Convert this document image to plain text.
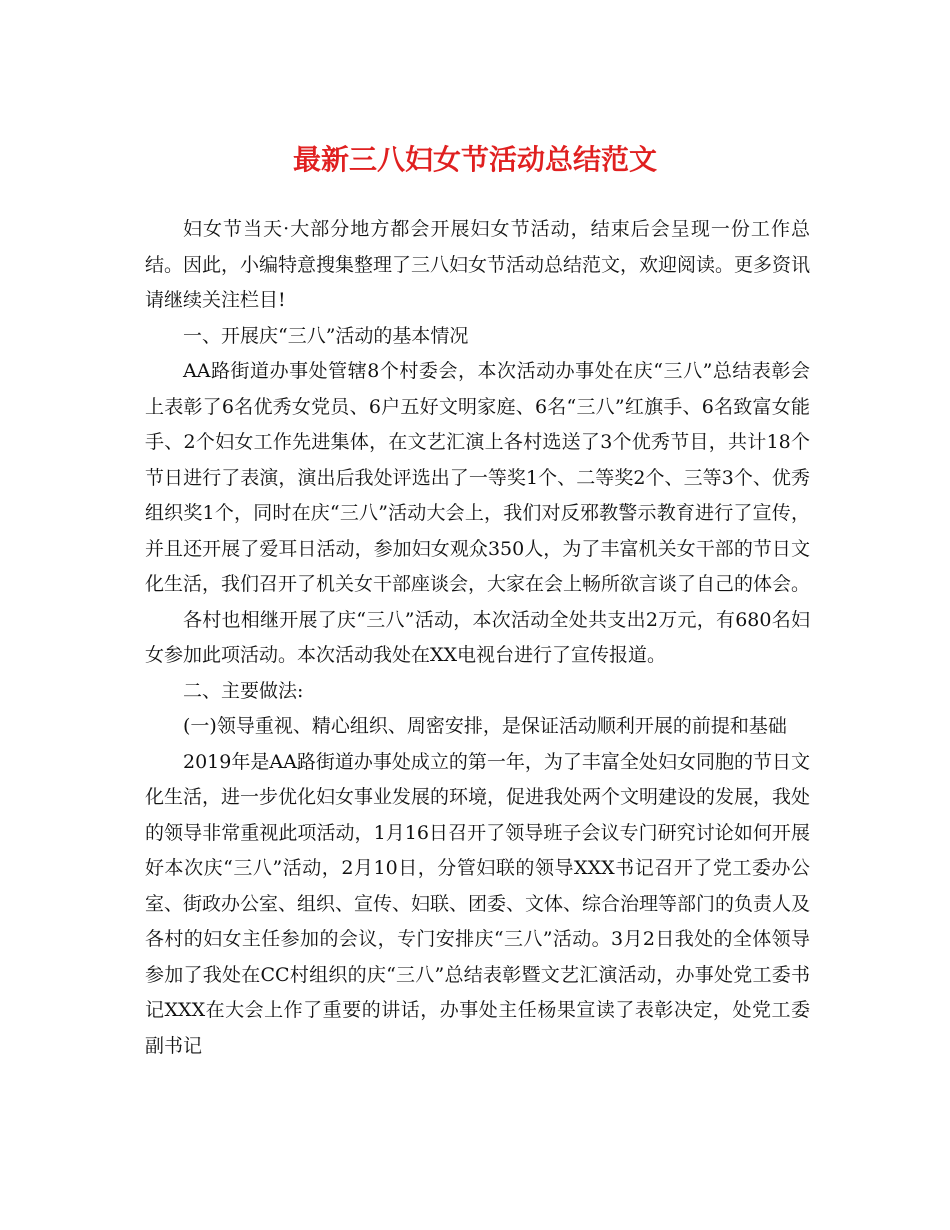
最新三八妇女节活动总结范文

妇女节当天·大部分地方都会开展妇女节活动，结束后会呈现一份工作总结。因此，小编特意搜集整理了三八妇女节活动总结范文，欢迎阅读。更多资讯请继续关注栏目!

一、开展庆“三八”活动的基本情况

AA路街道办事处管辖8个村委会，本次活动办事处在庆“三八”总结表彰会上表彰了6名优秀女党员、6户五好文明家庭、6名“三八”红旗手、6名致富女能手、2个妇女工作先进集体，在文艺汇演上各村选送了3个优秀节目，共计18个节日进行了表演，演出后我处评选出了一等奖1个、二等奖2个、三等3个、优秀组织奖1个，同时在庆“三八”活动大会上，我们对反邪教警示教育进行了宣传，并且还开展了爱耳日活动，参加妇女观众350人，为了丰富机关女干部的节日文化生活，我们召开了机关女干部座谈会，大家在会上畅所欲言谈了自己的体会。

各村也相继开展了庆“三八”活动，本次活动全处共支出2万元，有680名妇女参加此项活动。本次活动我处在XX电视台进行了宣传报道。

二、主要做法:

(一)领导重视、精心组织、周密安排，是保证活动顺利开展的前提和基础

2019年是AA路街道办事处成立的第一年，为了丰富全处妇女同胞的节日文化生活，进一步优化妇女事业发展的环境，促进我处两个文明建设的发展，我处的领导非常重视此项活动，1月16日召开了领导班子会议专门研究讨论如何开展好本次庆“三八”活动，2月10日，分管妇联的领导XXX书记召开了党工委办公室、街政办公室、组织、宣传、妇联、团委、文体、综合治理等部门的负责人及各村的妇女主任参加的会议，专门安排庆“三八”活动。3月2日我处的全体领导参加了我处在CC村组织的庆“三八”总结表彰暨文艺汇演活动，办事处党工委书记XXX在大会上作了重要的讲话，办事处主任杨果宣读了表彰决定，处党工委副书记
